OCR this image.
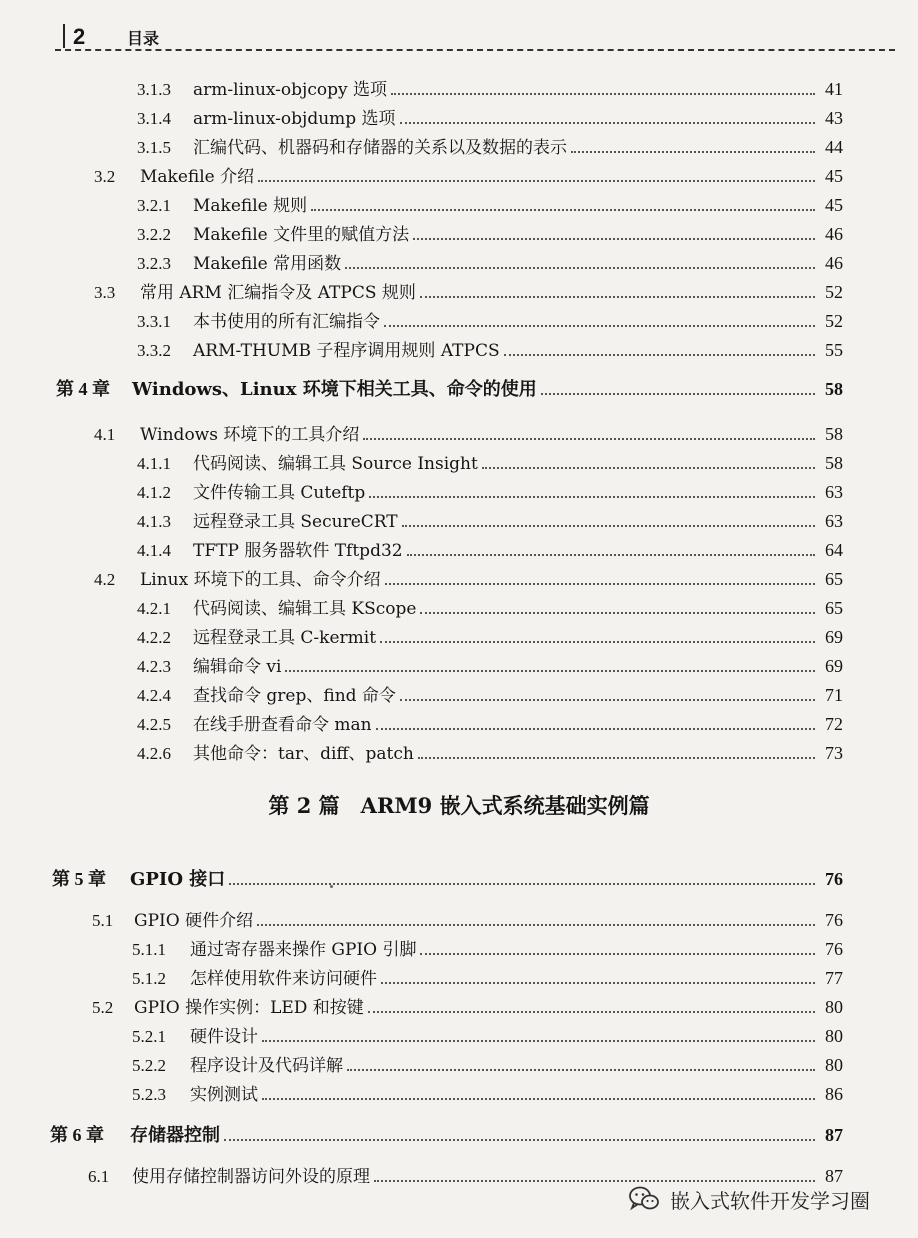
2	目录
3.1.3	arm-linux-objcopy 选项	41
3.1.4	arm-linux-objdump 选项	43
3.1.5	汇编代码、机器码和存储器的关系以及数据的表示	44
3.2	Makefile 介绍	45
3.2.1	Makefile 规则	45
3.2.2	Makefile 文件里的赋值方法	46
3.2.3	Makefile 常用函数	46
3.3	常用 ARM 汇编指令及 ATPCS 规则	52
3.3.1	本书使用的所有汇编指令	52
3.3.2	ARM-THUMB 子程序调用规则 ATPCS	55
第 4 章	Windows、Linux 环境下相关工具、命令的使用	58
4.1	Windows 环境下的工具介绍	58
4.1.1	代码阅读、编辑工具 Source Insight	58
4.1.2	文件传输工具 Cuteftp	63
4.1.3	远程登录工具 SecureCRT	63
4.1.4	TFTP 服务器软件 Tftpd32	64
4.2	Linux 环境下的工具、命令介绍	65
4.2.1	代码阅读、编辑工具 KScope	65
4.2.2	远程登录工具 C-kermit	69
4.2.3	编辑命令 vi	69
4.2.4	查找命令 grep、find 命令	71
4.2.5	在线手册查看命令 man	72
4.2.6	其他命令：tar、diff、patch	73
第 2 篇　ARM9 嵌入式系统基础实例篇
第 5 章	GPIO 接口	76
5.1	GPIO 硬件介绍	76
5.1.1	通过寄存器来操作 GPIO 引脚	76
5.1.2	怎样使用软件来访问硬件	77
5.2	GPIO 操作实例：LED 和按键	80
5.2.1	硬件设计	80
5.2.2	程序设计及代码详解	80
5.2.3	实例测试	86
第 6 章	存储器控制	87
6.1	使用存储控制器访问外设的原理	87
嵌入式软件开发学习圈
